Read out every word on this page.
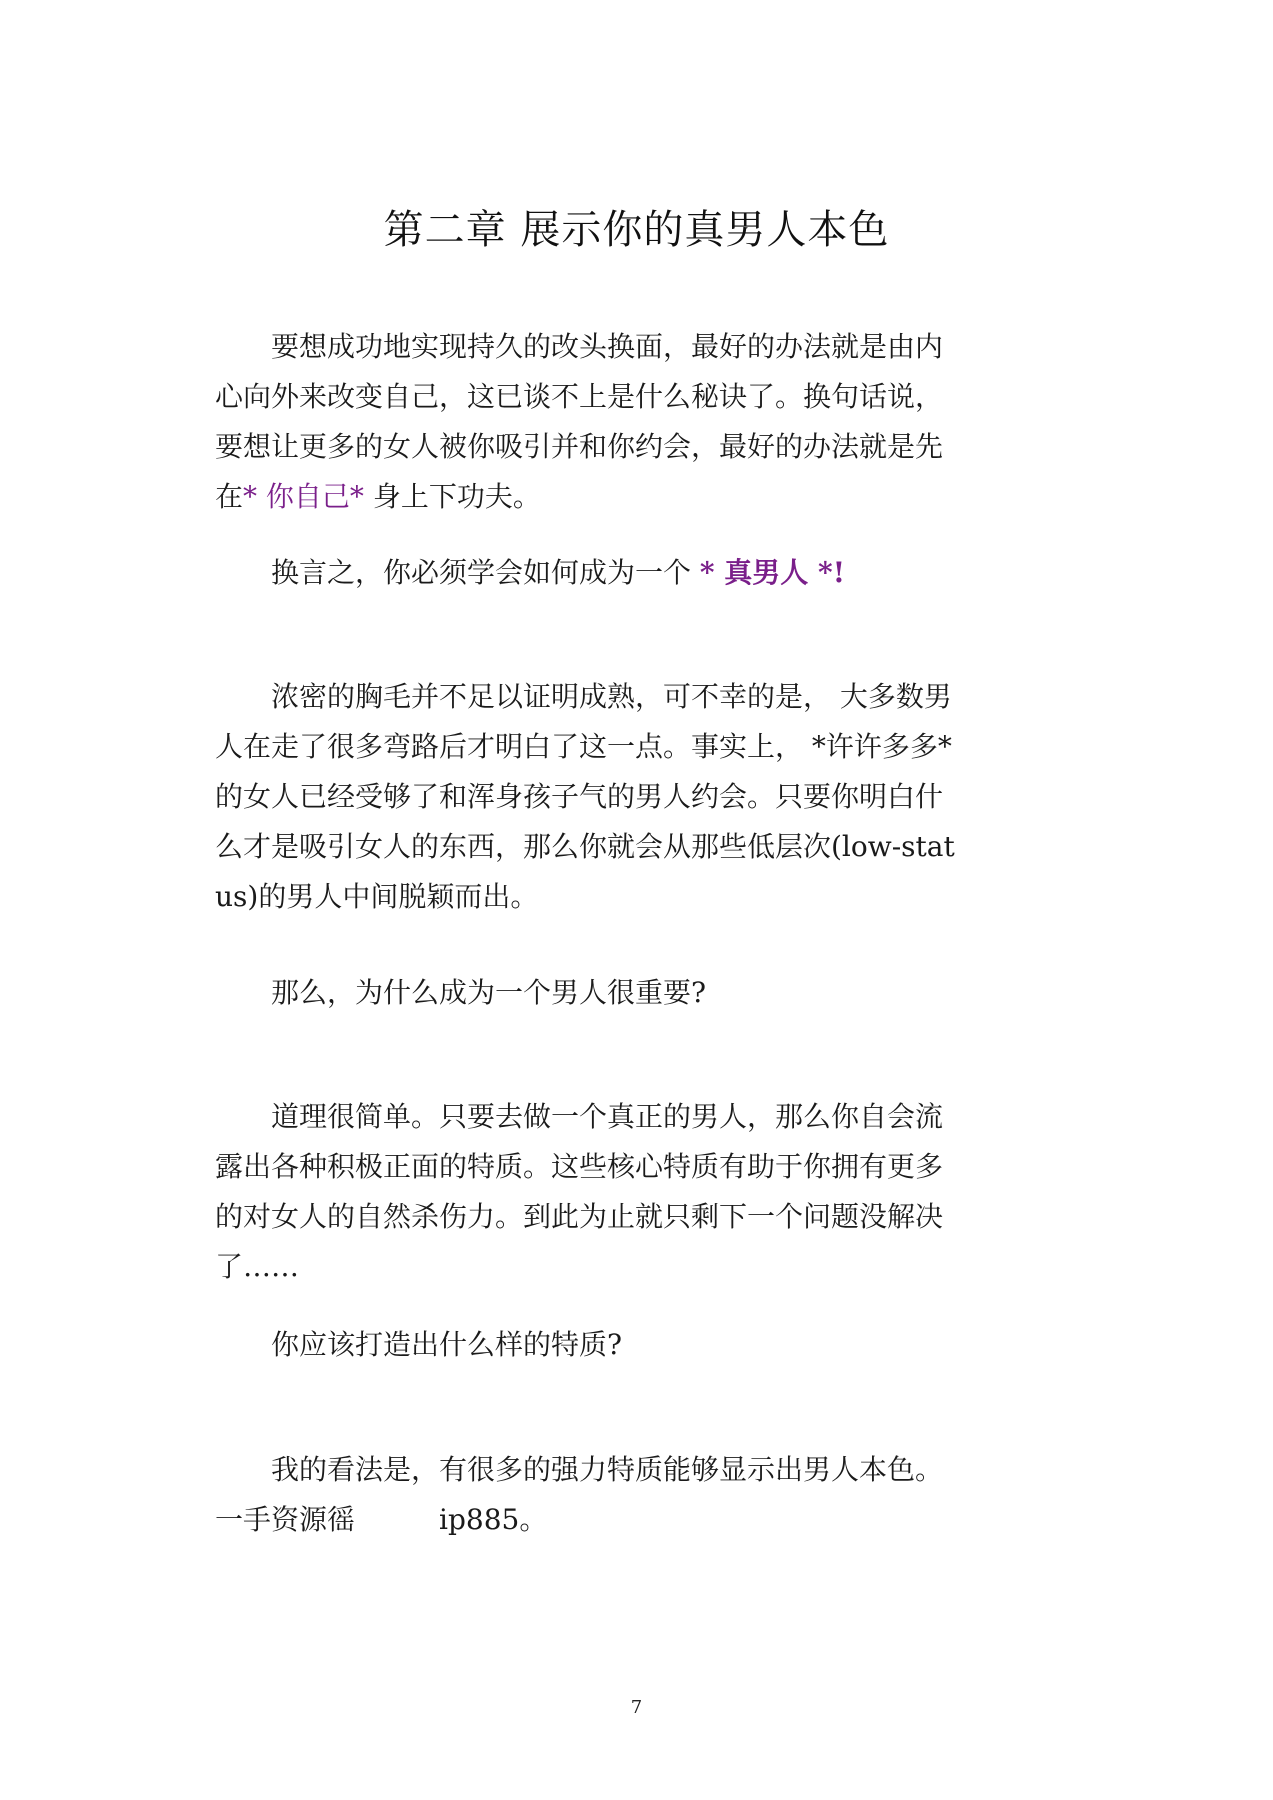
第二章 展示你的真男人本色

要想成功地实现持久的改头换面，最好的办法就是由内心向外来改变自己，这已谈不上是什么秘诀了。换句话说，要想让更多的女人被你吸引并和你约会，最好的办法就是先在* 你自己* 身上下功夫。

换言之，你必须学会如何成为一个 * 真男人 *!

浓密的胸毛并不足以证明成熟，可不幸的是， 大多数男人在走了很多弯路后才明白了这一点。事实上， *许许多多* 的女人已经受够了和浑身孩子气的男人约会。只要你明白什么才是吸引女人的东西，那么你就会从那些低层次(low-status)的男人中间脱颖而出。

那么，为什么成为一个男人很重要?

道理很简单。只要去做一个真正的男人，那么你自会流露出各种积极正面的特质。这些核心特质有助于你拥有更多的对女人的自然杀伤力。到此为止就只剩下一个问题没解决了……

你应该打造出什么样的特质?

我的看法是，有很多的强力特质能够显示出男人本色。一手资源徭　　　ip885。

7
